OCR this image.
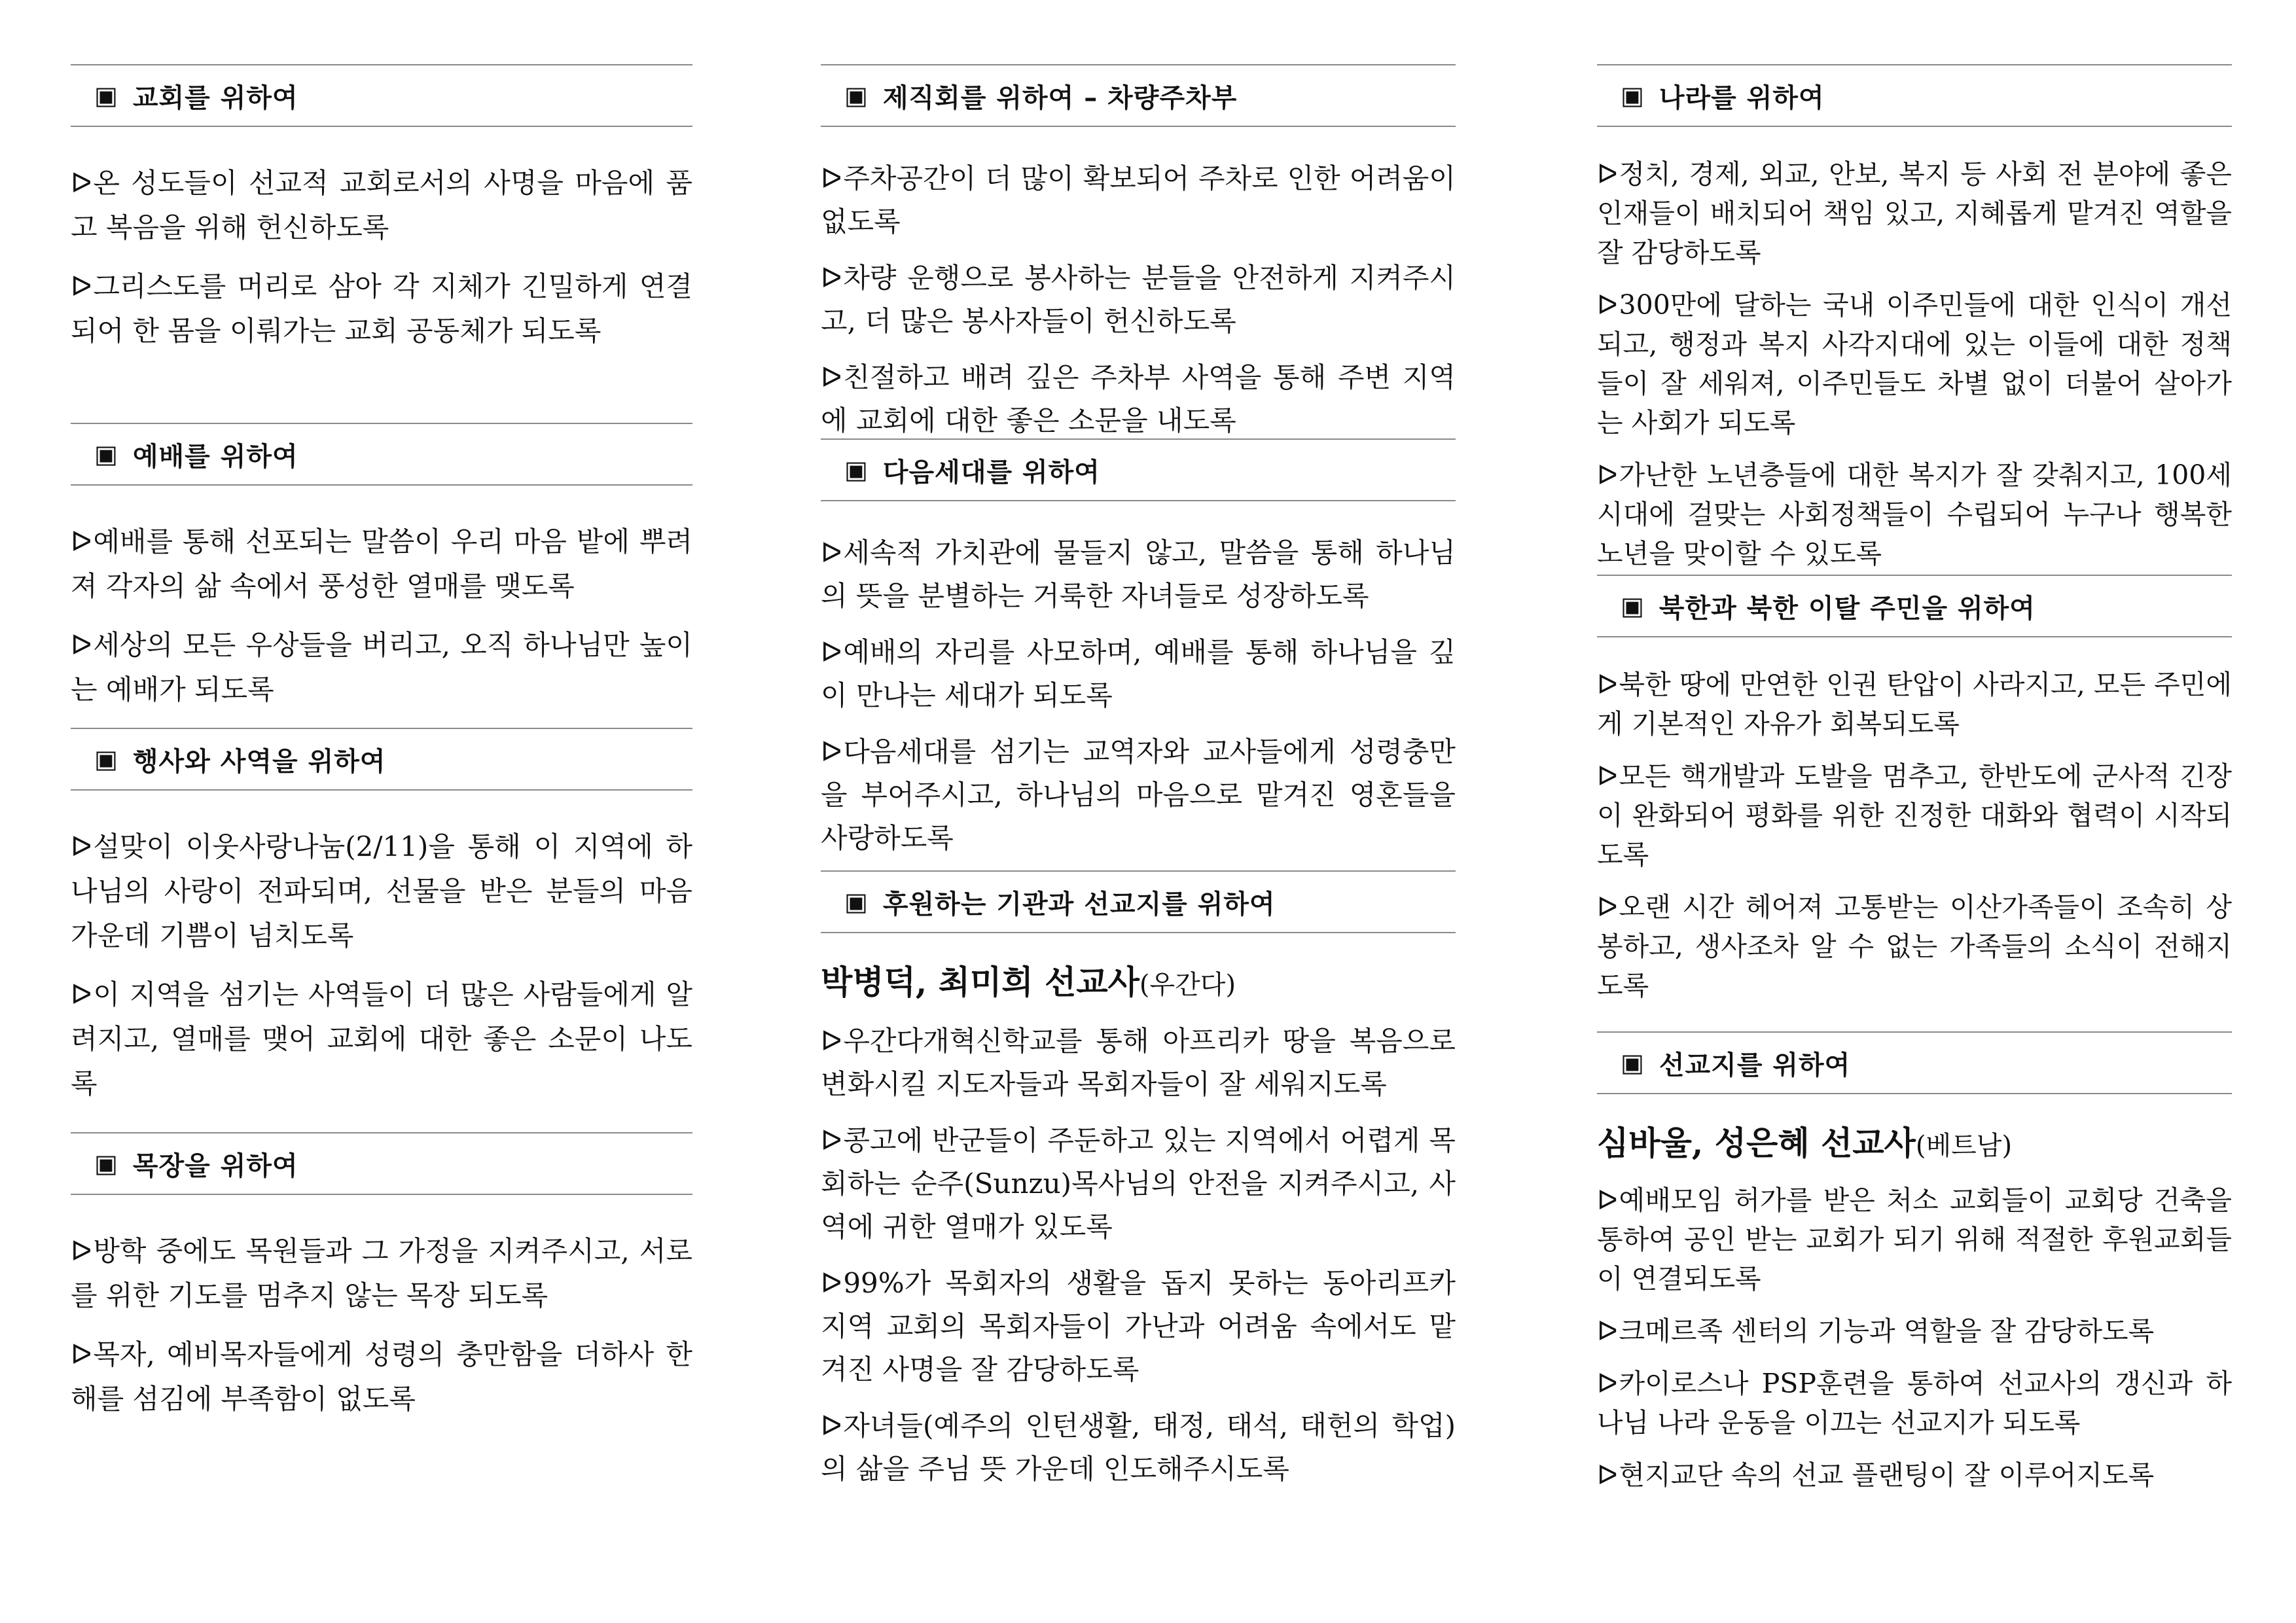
▣ 교회를 위하여

ᐅ온 성도들이 선교적 교회로서의 사명을 마음에 품고 복음을 위해 헌신하도록

ᐅ그리스도를 머리로 삼아 각 지체가 긴밀하게 연결되어 한 몸을 이뤄가는 교회 공동체가 되도록

▣ 예배를 위하여

ᐅ예배를 통해 선포되는 말씀이 우리 마음 밭에 뿌려져 각자의 삶 속에서 풍성한 열매를 맺도록

ᐅ세상의 모든 우상들을 버리고, 오직 하나님만 높이는 예배가 되도록

▣ 행사와 사역을 위하여

ᐅ설맞이 이웃사랑나눔(2/11)을 통해 이 지역에 하나님의 사랑이 전파되며, 선물을 받은 분들의 마음 가운데 기쁨이 넘치도록

ᐅ이 지역을 섬기는 사역들이 더 많은 사람들에게 알려지고, 열매를 맺어 교회에 대한 좋은 소문이 나도록

▣ 목장을 위하여

ᐅ방학 중에도 목원들과 그 가정을 지켜주시고, 서로를 위한 기도를 멈추지 않는 목장 되도록

ᐅ목자, 예비목자들에게 성령의 충만함을 더하사 한해를 섬김에 부족함이 없도록

▣ 제직회를 위하여 – 차량주차부

ᐅ주차공간이 더 많이 확보되어 주차로 인한 어려움이 없도록

ᐅ차량 운행으로 봉사하는 분들을 안전하게 지켜주시고, 더 많은 봉사자들이 헌신하도록

ᐅ친절하고 배려 깊은 주차부 사역을 통해 주변 지역에 교회에 대한 좋은 소문을 내도록

▣ 다음세대를 위하여

ᐅ세속적 가치관에 물들지 않고, 말씀을 통해 하나님의 뜻을 분별하는 거룩한 자녀들로 성장하도록

ᐅ예배의 자리를 사모하며, 예배를 통해 하나님을 깊이 만나는 세대가 되도록

ᐅ다음세대를 섬기는 교역자와 교사들에게 성령충만을 부어주시고, 하나님의 마음으로 맡겨진 영혼들을 사랑하도록

▣ 후원하는 기관과 선교지를 위하여
박병덕, 최미희 선교사(우간다)

ᐅ우간다개혁신학교를 통해 아프리카 땅을 복음으로 변화시킬 지도자들과 목회자들이 잘 세워지도록

ᐅ콩고에 반군들이 주둔하고 있는 지역에서 어렵게 목회하는 순주(Sunzu)목사님의 안전을 지켜주시고, 사역에 귀한 열매가 있도록

ᐅ99%가 목회자의 생활을 돕지 못하는 동아리프카 지역 교회의 목회자들이 가난과 어려움 속에서도 맡겨진 사명을 잘 감당하도록

ᐅ자녀들(예주의 인턴생활, 태정, 태석, 태헌의 학업)의 삶을 주님 뜻 가운데 인도해주시도록

▣ 나라를 위하여

ᐅ정치, 경제, 외교, 안보, 복지 등 사회 전 분야에 좋은 인재들이 배치되어 책임 있고, 지혜롭게 맡겨진 역할을 잘 감당하도록

ᐅ300만에 달하는 국내 이주민들에 대한 인식이 개선되고, 행정과 복지 사각지대에 있는 이들에 대한 정책들이 잘 세워져, 이주민들도 차별 없이 더불어 살아가는 사회가 되도록

ᐅ가난한 노년층들에 대한 복지가 잘 갖춰지고, 100세 시대에 걸맞는 사회정책들이 수립되어 누구나 행복한 노년을 맞이할 수 있도록

▣ 북한과 북한 이탈 주민을 위하여

ᐅ북한 땅에 만연한 인권 탄압이 사라지고, 모든 주민에게 기본적인 자유가 회복되도록

ᐅ모든 핵개발과 도발을 멈추고, 한반도에 군사적 긴장이 완화되어 평화를 위한 진정한 대화와 협력이 시작되도록

ᐅ오랜 시간 헤어져 고통받는 이산가족들이 조속히 상봉하고, 생사조차 알 수 없는 가족들의 소식이 전해지도록

▣ 선교지를 위하여
심바울, 성은혜 선교사(베트남)

ᐅ예배모임 허가를 받은 처소 교회들이 교회당 건축을 통하여 공인 받는 교회가 되기 위해 적절한 후원교회들이 연결되도록

ᐅ크메르족 센터의 기능과 역할을 잘 감당하도록

ᐅ카이로스나 PSP훈련을 통하여 선교사의 갱신과 하나님 나라 운동을 이끄는 선교지가 되도록

ᐅ현지교단 속의 선교 플랜팅이 잘 이루어지도록
